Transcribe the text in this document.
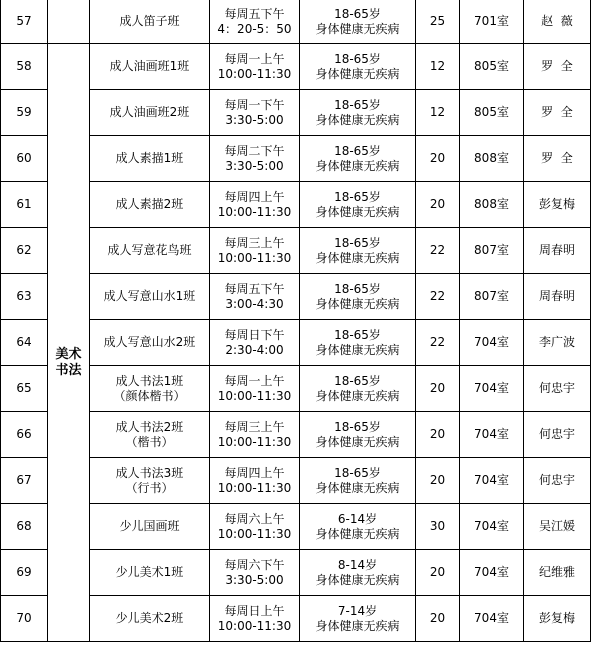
57		成人笛子班	每周五下午
4：20-5：50	18-65岁
身体健康无疾病	25	701室	赵  薇
58	美术
书法	成人油画班1班	每周一上午
10:00-11:30	18-65岁
身体健康无疾病	12	805室	罗  全
59		成人油画班2班	每周一下午
3:30-5:00	18-65岁
身体健康无疾病	12	805室	罗  全
60		成人素描1班	每周二下午
3:30-5:00	18-65岁
身体健康无疾病	20	808室	罗  全
61		成人素描2班	每周四上午
10:00-11:30	18-65岁
身体健康无疾病	20	808室	彭复梅
62		成人写意花鸟班	每周三上午
10:00-11:30	18-65岁
身体健康无疾病	22	807室	周春明
63		成人写意山水1班	每周五下午
3:00-4:30	18-65岁
身体健康无疾病	22	807室	周春明
64		成人写意山水2班	每周日下午
2:30-4:00	18-65岁
身体健康无疾病	22	704室	李广波
65		成人书法1班
（颜体楷书）	每周一上午
10:00-11:30	18-65岁
身体健康无疾病	20	704室	何忠宇
66		成人书法2班
（楷书）	每周三上午
10:00-11:30	18-65岁
身体健康无疾病	20	704室	何忠宇
67		成人书法3班
（行书）	每周四上午
10:00-11:30	18-65岁
身体健康无疾病	20	704室	何忠宇
68		少儿国画班	每周六上午
10:00-11:30	6-14岁
身体健康无疾病	30	704室	吴江媛
69		少儿美术1班	每周六下午
3:30-5:00	8-14岁
身体健康无疾病	20	704室	纪维雅
70		少儿美术2班	每周日上午
10:00-11:30	7-14岁
身体健康无疾病	20	704室	彭复梅
